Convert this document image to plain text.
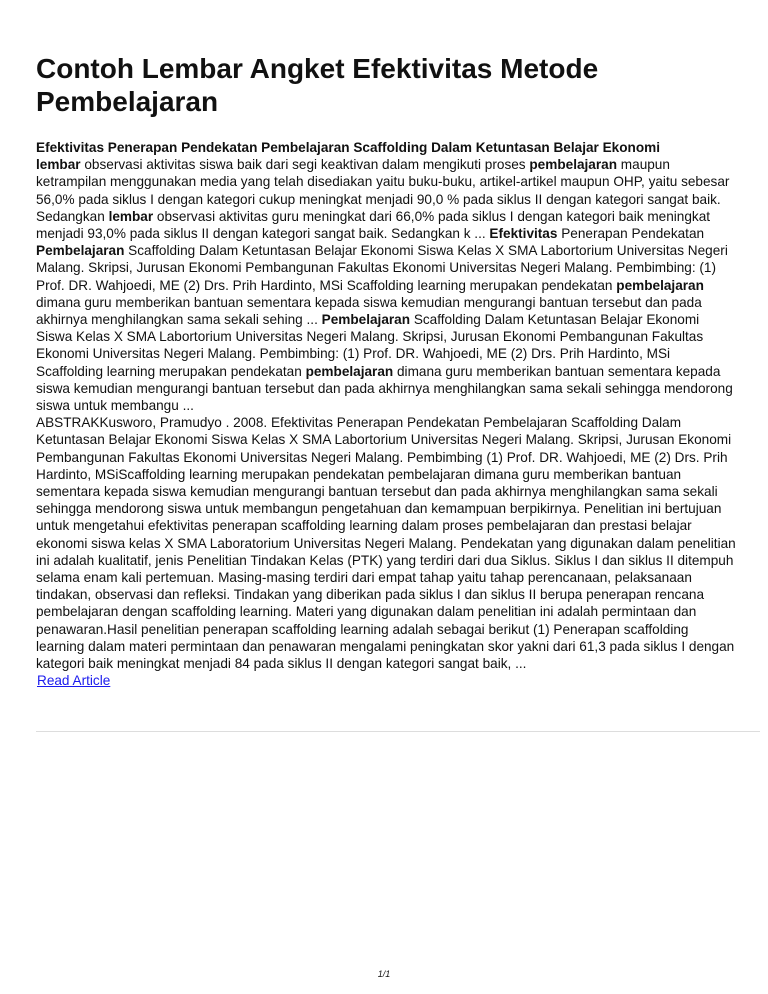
Contoh Lembar Angket Efektivitas Metode Pembelajaran

Efektivitas Penerapan Pendekatan Pembelajaran Scaffolding Dalam Ketuntasan Belajar Ekonomi
lembar observasi aktivitas siswa baik dari segi keaktivan dalam mengikuti proses pembelajaran maupun ketrampilan menggunakan media yang telah disediakan yaitu buku-buku, artikel-artikel maupun OHP, yaitu sebesar 56,0% pada siklus I dengan kategori cukup meningkat menjadi 90,0 % pada siklus II dengan kategori sangat baik. Sedangkan lembar observasi aktivitas guru meningkat dari 66,0% pada siklus I dengan kategori baik meningkat menjadi 93,0% pada siklus II dengan kategori sangat baik. Sedangkan k ... Efektivitas Penerapan Pendekatan Pembelajaran Scaffolding Dalam Ketuntasan Belajar Ekonomi Siswa Kelas X SMA Labortorium Universitas Negeri Malang. Skripsi, Jurusan Ekonomi Pembangunan Fakultas Ekonomi Universitas Negeri Malang. Pembimbing: (1) Prof. DR. Wahjoedi, ME (2) Drs. Prih Hardinto, MSi Scaffolding learning merupakan pendekatan pembelajaran dimana guru memberikan bantuan sementara kepada siswa kemudian mengurangi bantuan tersebut dan pada akhirnya menghilangkan sama sekali sehing ... Pembelajaran Scaffolding Dalam Ketuntasan Belajar Ekonomi Siswa Kelas X SMA Labortorium Universitas Negeri Malang. Skripsi, Jurusan Ekonomi Pembangunan Fakultas Ekonomi Universitas Negeri Malang. Pembimbing: (1) Prof. DR. Wahjoedi, ME (2) Drs. Prih Hardinto, MSi Scaffolding learning merupakan pendekatan pembelajaran dimana guru memberikan bantuan sementara kepada siswa kemudian mengurangi bantuan tersebut dan pada akhirnya menghilangkan sama sekali sehingga mendorong siswa untuk membangu ...
ABSTRAKKusworo, Pramudyo . 2008. Efektivitas Penerapan Pendekatan Pembelajaran Scaffolding Dalam Ketuntasan Belajar Ekonomi Siswa Kelas X SMA Labortorium Universitas Negeri Malang. Skripsi, Jurusan Ekonomi Pembangunan Fakultas Ekonomi Universitas Negeri Malang. Pembimbing (1) Prof. DR. Wahjoedi, ME (2) Drs. Prih Hardinto, MSiScaffolding learning merupakan pendekatan pembelajaran dimana guru memberikan bantuan sementara kepada siswa kemudian mengurangi bantuan tersebut dan pada akhirnya menghilangkan sama sekali sehingga mendorong siswa untuk membangun pengetahuan dan kemampuan berpikirnya. Penelitian ini bertujuan untuk mengetahui efektivitas penerapan scaffolding learning dalam proses pembelajaran dan prestasi belajar ekonomi siswa kelas X SMA Laboratorium Universitas Negeri Malang. Pendekatan yang digunakan dalam penelitian ini adalah kualitatif, jenis Penelitian Tindakan Kelas (PTK) yang terdiri dari dua Siklus. Siklus I dan siklus II ditempuh selama enam kali pertemuan. Masing-masing terdiri dari empat tahap yaitu tahap perencanaan, pelaksanaan tindakan, observasi dan refleksi. Tindakan yang diberikan pada siklus I dan siklus II berupa penerapan rencana pembelajaran dengan scaffolding learning. Materi yang digunakan dalam penelitian ini adalah permintaan dan penawaran.Hasil penelitian penerapan scaffolding learning adalah sebagai berikut (1) Penerapan scaffolding learning dalam materi permintaan dan penawaran mengalami peningkatan skor yakni dari 61,3 pada siklus I dengan kategori baik meningkat menjadi 84 pada siklus II dengan kategori sangat baik, ...

Read Article
1/1
